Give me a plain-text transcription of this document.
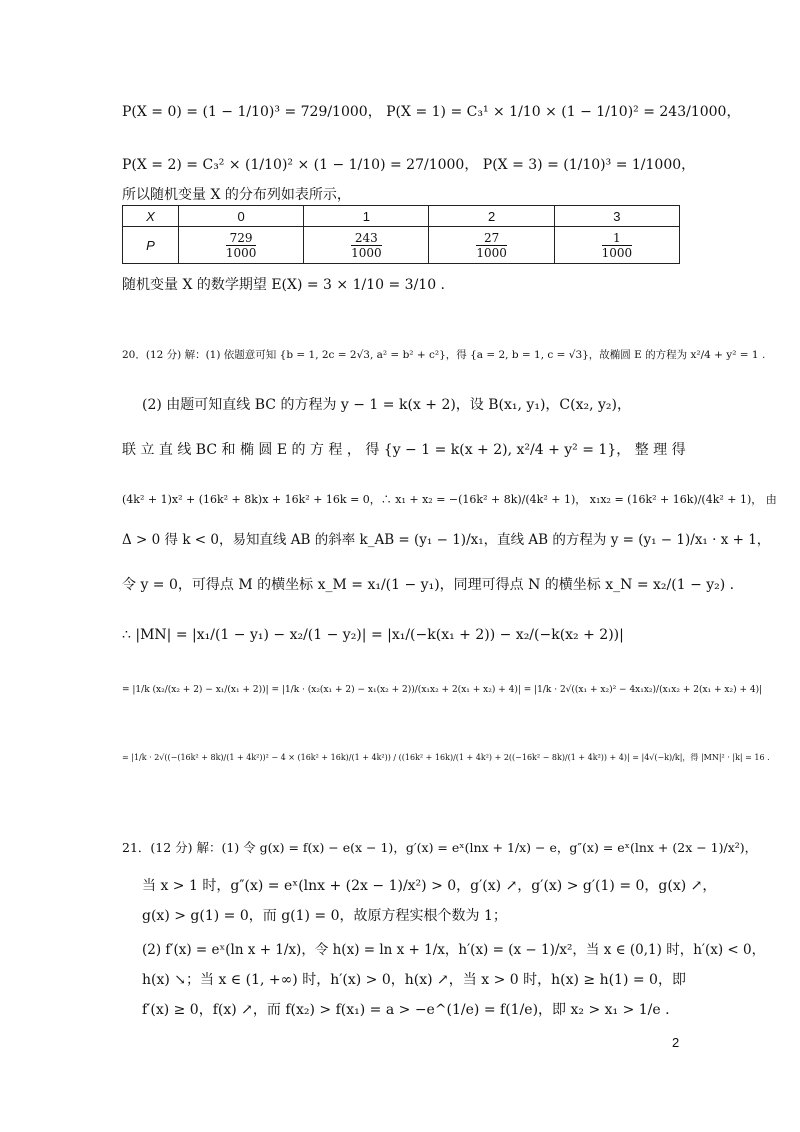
P(X = 0) = (1 − 1/10)³ = 729/1000， P(X = 1) = C₃¹ × 1/10 × (1 − 1/10)² = 243/1000，
P(X = 2) = C₃² × (1/10)² × (1 − 1/10) = 27/1000， P(X = 3) = (1/10)³ = 1/1000，
所以随机变量 X 的分布列如表所示，
X	0	1	2	3
P	$\frac{729}{1000}$	$\frac{243}{1000}$	$\frac{27}{1000}$	$\frac{1}{1000}$
随机变量 X 的数学期望 E(X) = 3 × 1/10 = 3/10 .
20．(12 分) 解：(1) 依题意可知 {b = 1, 2c = 2√3, a² = b² + c²}，得 {a = 2, b = 1, c = √3}，故椭圆 E 的方程为 x²/4 + y² = 1 .
(2) 由题可知直线 BC 的方程为 y − 1 = k(x + 2)，设 B(x₁, y₁)，C(x₂, y₂)，
联 立 直 线 BC 和 椭 圆 E 的 方 程 ， 得 {y − 1 = k(x + 2), x²/4 + y² = 1}， 整 理 得
(4k² + 1)x² + (16k² + 8k)x + 16k² + 16k = 0，∴ x₁ + x₂ = −(16k² + 8k)/(4k² + 1)， x₁x₂ = (16k² + 16k)/(4k² + 1)， 由
Δ > 0 得 k < 0，易知直线 AB 的斜率 k_AB = (y₁ − 1)/x₁，直线 AB 的方程为 y = (y₁ − 1)/x₁ · x + 1，
令 y = 0，可得点 M 的横坐标 x_M = x₁/(1 − y₁)，同理可得点 N 的横坐标 x_N = x₂/(1 − y₂) .
∴ |MN| = |x₁/(1 − y₁) − x₂/(1 − y₂)| = |x₁/(−k(x₁ + 2)) − x₂/(−k(x₂ + 2))|
= |1/k (x₂/(x₂ + 2) − x₁/(x₁ + 2))| = |1/k · (x₂(x₁ + 2) − x₁(x₂ + 2))/(x₁x₂ + 2(x₁ + x₂) + 4)| = |1/k · 2√((x₁ + x₂)² − 4x₁x₂)/(x₁x₂ + 2(x₁ + x₂) + 4)|
= |1/k · 2√((−(16k² + 8k)/(1 + 4k²))² − 4 × (16k² + 16k)/(1 + 4k²)) / ((16k² + 16k)/(1 + 4k²) + 2((−16k² − 8k)/(1 + 4k²)) + 4)| = |4√(−k)/k|，得 |MN|² · |k| = 16 .
21．(12 分) 解：(1) 令 g(x) = f(x) − e(x − 1)，g′(x) = eˣ(lnx + 1/x) − e，g″(x) = eˣ(lnx + (2x − 1)/x²)，
当 x > 1 时，g″(x) = eˣ(lnx + (2x − 1)/x²) > 0，g′(x) ↗，g′(x) > g′(1) = 0，g(x) ↗，
g(x) > g(1) = 0，而 g(1) = 0，故原方程实根个数为 1；
(2) f′(x) = eˣ(ln x + 1/x)，令 h(x) = ln x + 1/x，h′(x) = (x − 1)/x²，当 x ∈ (0,1) 时，h′(x) < 0，
h(x) ↘；当 x ∈ (1, +∞) 时，h′(x) > 0，h(x) ↗，当 x > 0 时，h(x) ≥ h(1) = 0，即
f′(x) ≥ 0，f(x) ↗，而 f(x₂) > f(x₁) = a > −e^(1/e) = f(1/e)，即 x₂ > x₁ > 1/e .
2
